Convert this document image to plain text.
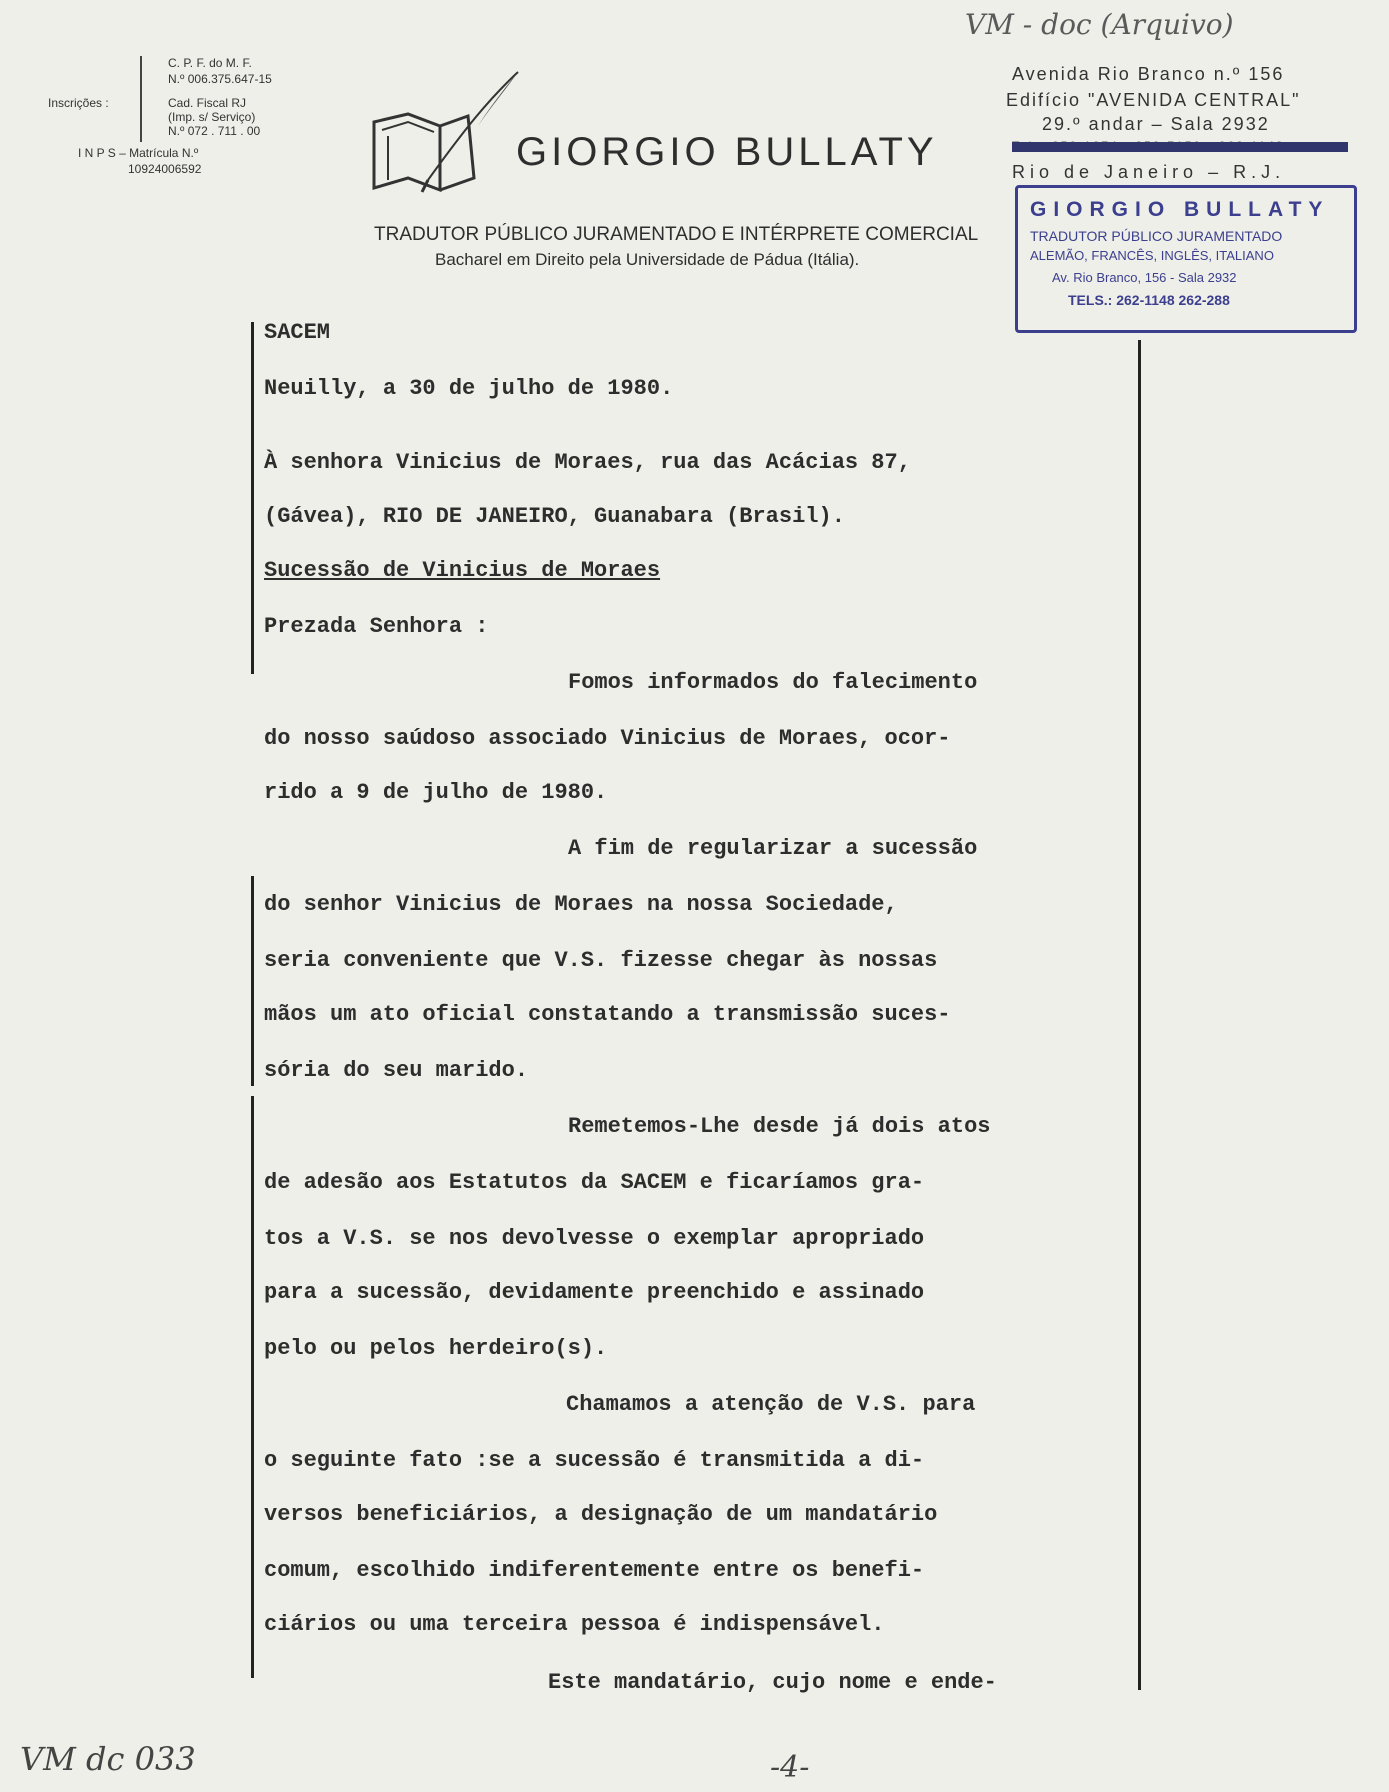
VM - doc (Arquivo)
Inscrições :
C. P. F. do M. F.
N.º 006.375.647-15
Cad. Fiscal RJ
(Imp. s/ Serviço)
N.º 072 . 711 . 00
I N P S – Matrícula N.º
10924006592	GIORGIO BULLATY
TRADUTOR PÚBLICO JURAMENTADO E INTÉRPRETE COMERCIAL
Bacharel em Direito pela Universidade de Pádua (Itália).
Avenida Rio Branco n.º 156
Edifício "AVENIDA CENTRAL"
29.º andar – Sala 2932
Rio de Janeiro – R.J.
GIORGIO BULLATY
TRADUTOR PÚBLICO JURAMENTADO
ALEMÃO, FRANCÊS, INGLÊS, ITALIANO
Av. Rio Branco, 156 - Sala 2932
TELS.: 262-1148 262-288
SACEM
Neuilly, a 30 de julho de 1980.
À senhora Vinicius de Moraes, rua das Acácias 87,
(Gávea), RIO DE JANEIRO, Guanabara (Brasil).
Sucessão de Vinicius de Moraes
Prezada Senhora :
Fomos informados do falecimento
do nosso saúdoso associado Vinicius de Moraes, ocor-
rido a 9 de julho de 1980.
A fim de regularizar a sucessão
do senhor Vinicius de Moraes na nossa Sociedade,
seria conveniente que V.S. fizesse chegar às nossas
mãos um ato oficial constatando a transmissão suces-
sória do seu marido.
Remetemos-Lhe desde já dois atos
de adesão aos Estatutos da SACEM e ficaríamos gra-
tos a V.S. se nos devolvesse o exemplar apropriado
para a sucessão, devidamente preenchido e assinado
pelo ou pelos herdeiro(s).
Chamamos a atenção de V.S. para
o seguinte fato :se a sucessão é transmitida a di-
versos beneficiários, a designação de um mandatário
comum, escolhido indiferentemente entre os benefi-
ciários ou uma terceira pessoa é indispensável.
Este mandatário, cujo nome e ende-
VM dc 033	-4-
